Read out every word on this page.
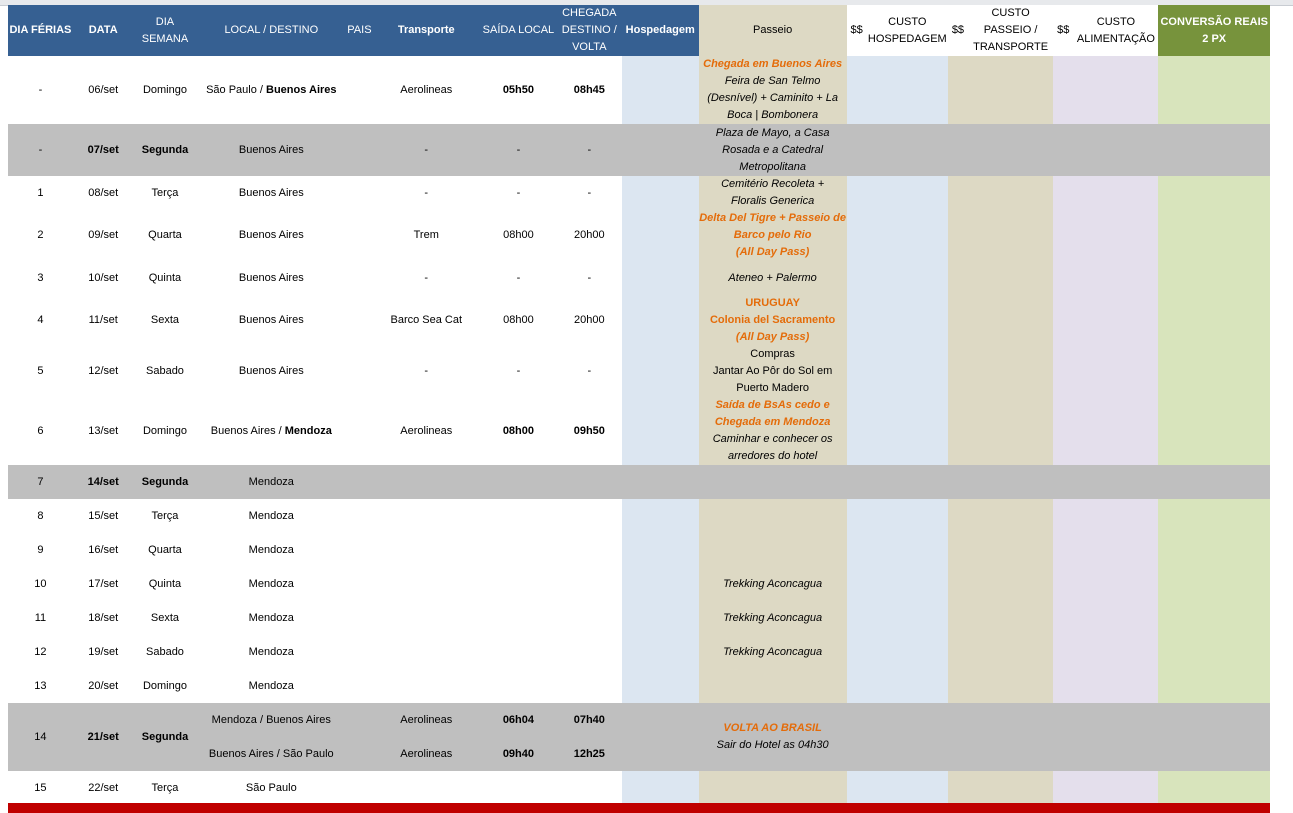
DIA FÉRIAS	DATA	DIA SEMANA	LOCAL / DESTINO	PAIS	Transporte	SAÍDA LOCAL	CHEGADA DESTINO / VOLTA	Hospedagem	Passeio	$$	CUSTO HOSPEDAGEM	$$	CUSTO PASSEIO / TRANSPORTE	$$	CUSTO ALIMENTAÇÃO	CONVERSÃO REAIS 2 PX
-	06/set	Domingo	São Paulo / Buenos Aires		Aerolineas	05h50	08h45		Chegada em Buenos Aires
Feira de San Telmo
(Desnível) + Caminito + La
Boca | Bombonera							

-	07/set	Segunda	Buenos Aires		-	-	-		Plaza de Mayo, a Casa
Rosada e a Catedral
Metropolitana							

1	08/set	Terça	Buenos Aires		-	-	-		Cemitério Recoleta +
Floralis Generica							

2	09/set	Quarta	Buenos Aires		Trem	08h00	20h00		Delta Del Tigre + Passeio de
Barco pelo Rio
(All Day Pass)							

3	10/set	Quinta	Buenos Aires		-	-	-		Ateneo + Palermo							

4	11/set	Sexta	Buenos Aires		Barco Sea Cat	08h00	20h00		URUGUAY
Colonia del Sacramento
(All Day Pass)							

5	12/set	Sabado	Buenos Aires		-	-	-		Compras
Jantar Ao Pôr do Sol em
Puerto Madero							

6	13/set	Domingo	Buenos Aires / Mendoza		Aerolineas	08h00	09h50		Saída de BsAs cedo e
Chegada em Mendoza
Caminhar e conhecer os
arredores do hotel							

7	14/set	Segunda	Mendoza													
8	15/set	Terça	Mendoza													
9	16/set	Quarta	Mendoza													
10	17/set	Quinta	Mendoza						Trekking Aconcagua							

11	18/set	Sexta	Mendoza						Trekking Aconcagua							

12	19/set	Sabado	Mendoza						Trekking Aconcagua							

13	20/set	Domingo	Mendoza													
14	21/set	Segunda	Mendoza / Buenos Aires		Aerolineas	06h04	07h40		VOLTA AO BRASIL
Sair do Hotel as 04h30							

			Buenos Aires / São Paulo		Aerolineas	09h40	12h25									
15	22/set	Terça	São Paulo													
